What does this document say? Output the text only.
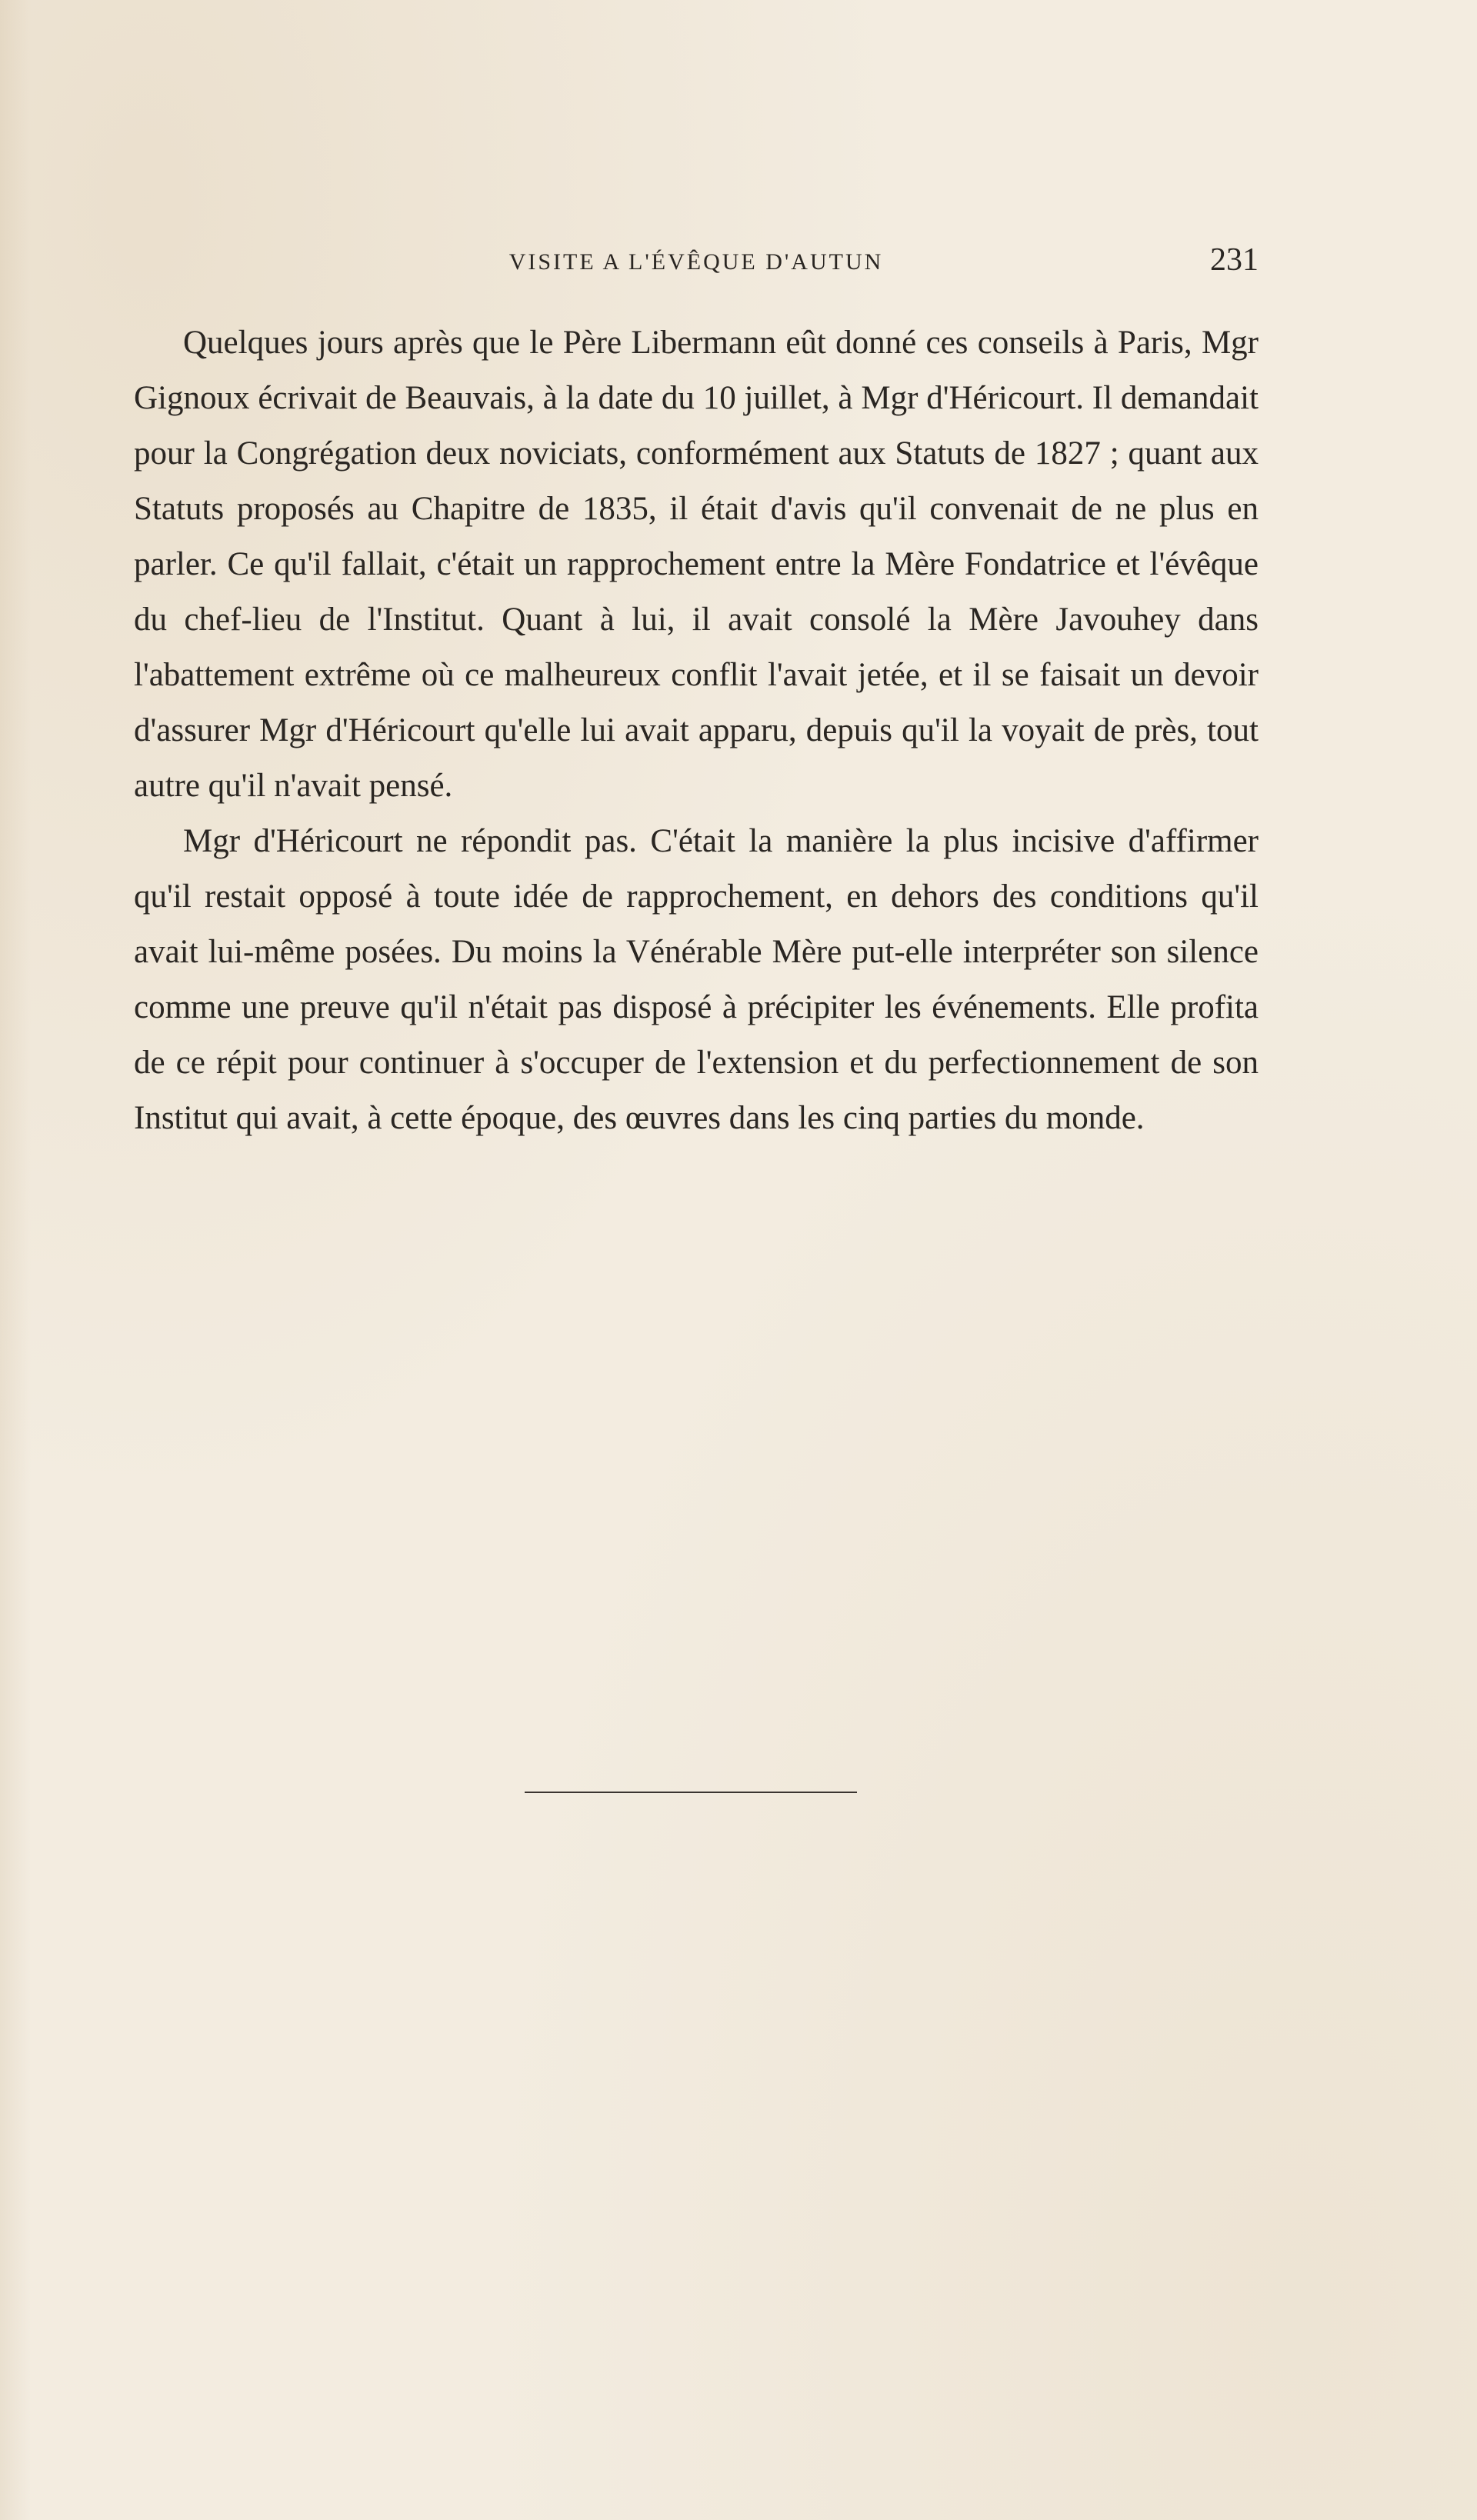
VISITE A L'ÉVÊQUE D'AUTUN	231

Quelques jours après que le Père Libermann eût donné ces conseils à Paris, Mgr Gignoux écrivait de Beauvais, à la date du 10 juillet, à Mgr d'Héricourt. Il demandait pour la Congrégation deux noviciats, conformément aux Statuts de 1827 ; quant aux Statuts proposés au Chapitre de 1835, il était d'avis qu'il convenait de ne plus en parler. Ce qu'il fallait, c'était un rapprochement entre la Mère Fondatrice et l'évêque du chef-lieu de l'Institut. Quant à lui, il avait consolé la Mère Javouhey dans l'abattement extrême où ce malheureux conflit l'avait jetée, et il se faisait un devoir d'assurer Mgr d'Héricourt qu'elle lui avait apparu, depuis qu'il la voyait de près, tout autre qu'il n'avait pensé.

Mgr d'Héricourt ne répondit pas. C'était la manière la plus incisive d'affirmer qu'il restait opposé à toute idée de rapprochement, en dehors des conditions qu'il avait lui-même posées. Du moins la Vénérable Mère put-elle interpréter son silence comme une preuve qu'il n'était pas disposé à précipiter les événements. Elle profita de ce répit pour continuer à s'occuper de l'extension et du perfectionnement de son Institut qui avait, à cette époque, des œuvres dans les cinq parties du monde.
